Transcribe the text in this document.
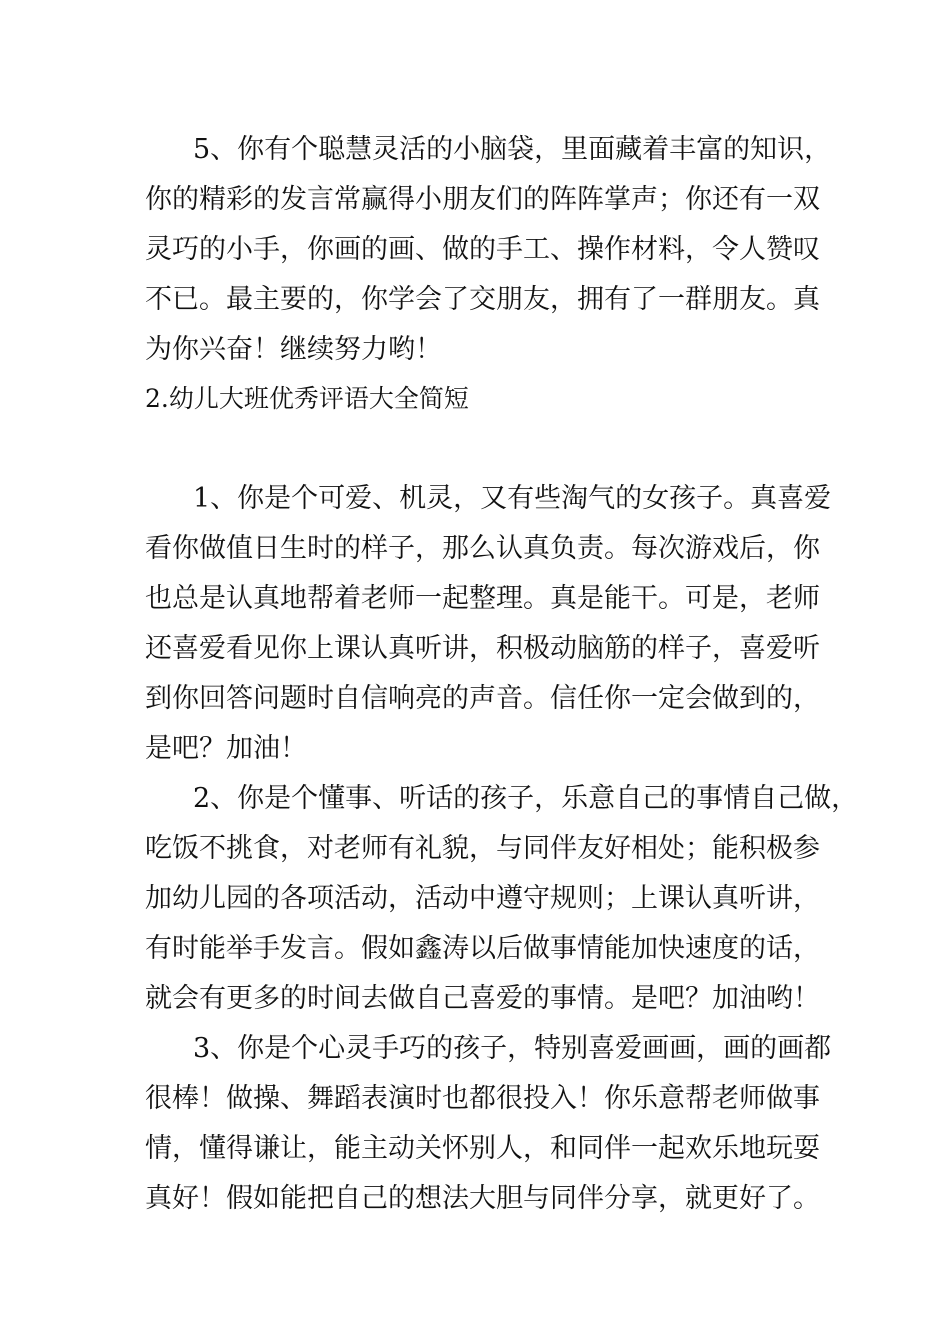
5、你有个聪慧灵活的小脑袋，里面藏着丰富的知识，
你的精彩的发言常赢得小朋友们的阵阵掌声；你还有一双
灵巧的小手，你画的画、做的手工、操作材料，令人赞叹
不已。最主要的，你学会了交朋友，拥有了一群朋友。真
为你兴奋！继续努力哟！
2.幼儿大班优秀评语大全简短
1、你是个可爱、机灵，又有些淘气的女孩子。真喜爱
看你做值日生时的样子，那么认真负责。每次游戏后，你
也总是认真地帮着老师一起整理。真是能干。可是，老师
还喜爱看见你上课认真听讲，积极动脑筋的样子，喜爱听
到你回答问题时自信响亮的声音。信任你一定会做到的，
是吧？加油！
2、你是个懂事、听话的孩子，乐意自己的事情自己做，
吃饭不挑食，对老师有礼貌，与同伴友好相处；能积极参
加幼儿园的各项活动，活动中遵守规则；上课认真听讲，
有时能举手发言。假如鑫涛以后做事情能加快速度的话，
就会有更多的时间去做自己喜爱的事情。是吧？加油哟！
3、你是个心灵手巧的孩子，特别喜爱画画，画的画都
很棒！做操、舞蹈表演时也都很投入！你乐意帮老师做事
情，懂得谦让，能主动关怀别人，和同伴一起欢乐地玩耍
真好！假如能把自己的想法大胆与同伴分享，就更好了。
